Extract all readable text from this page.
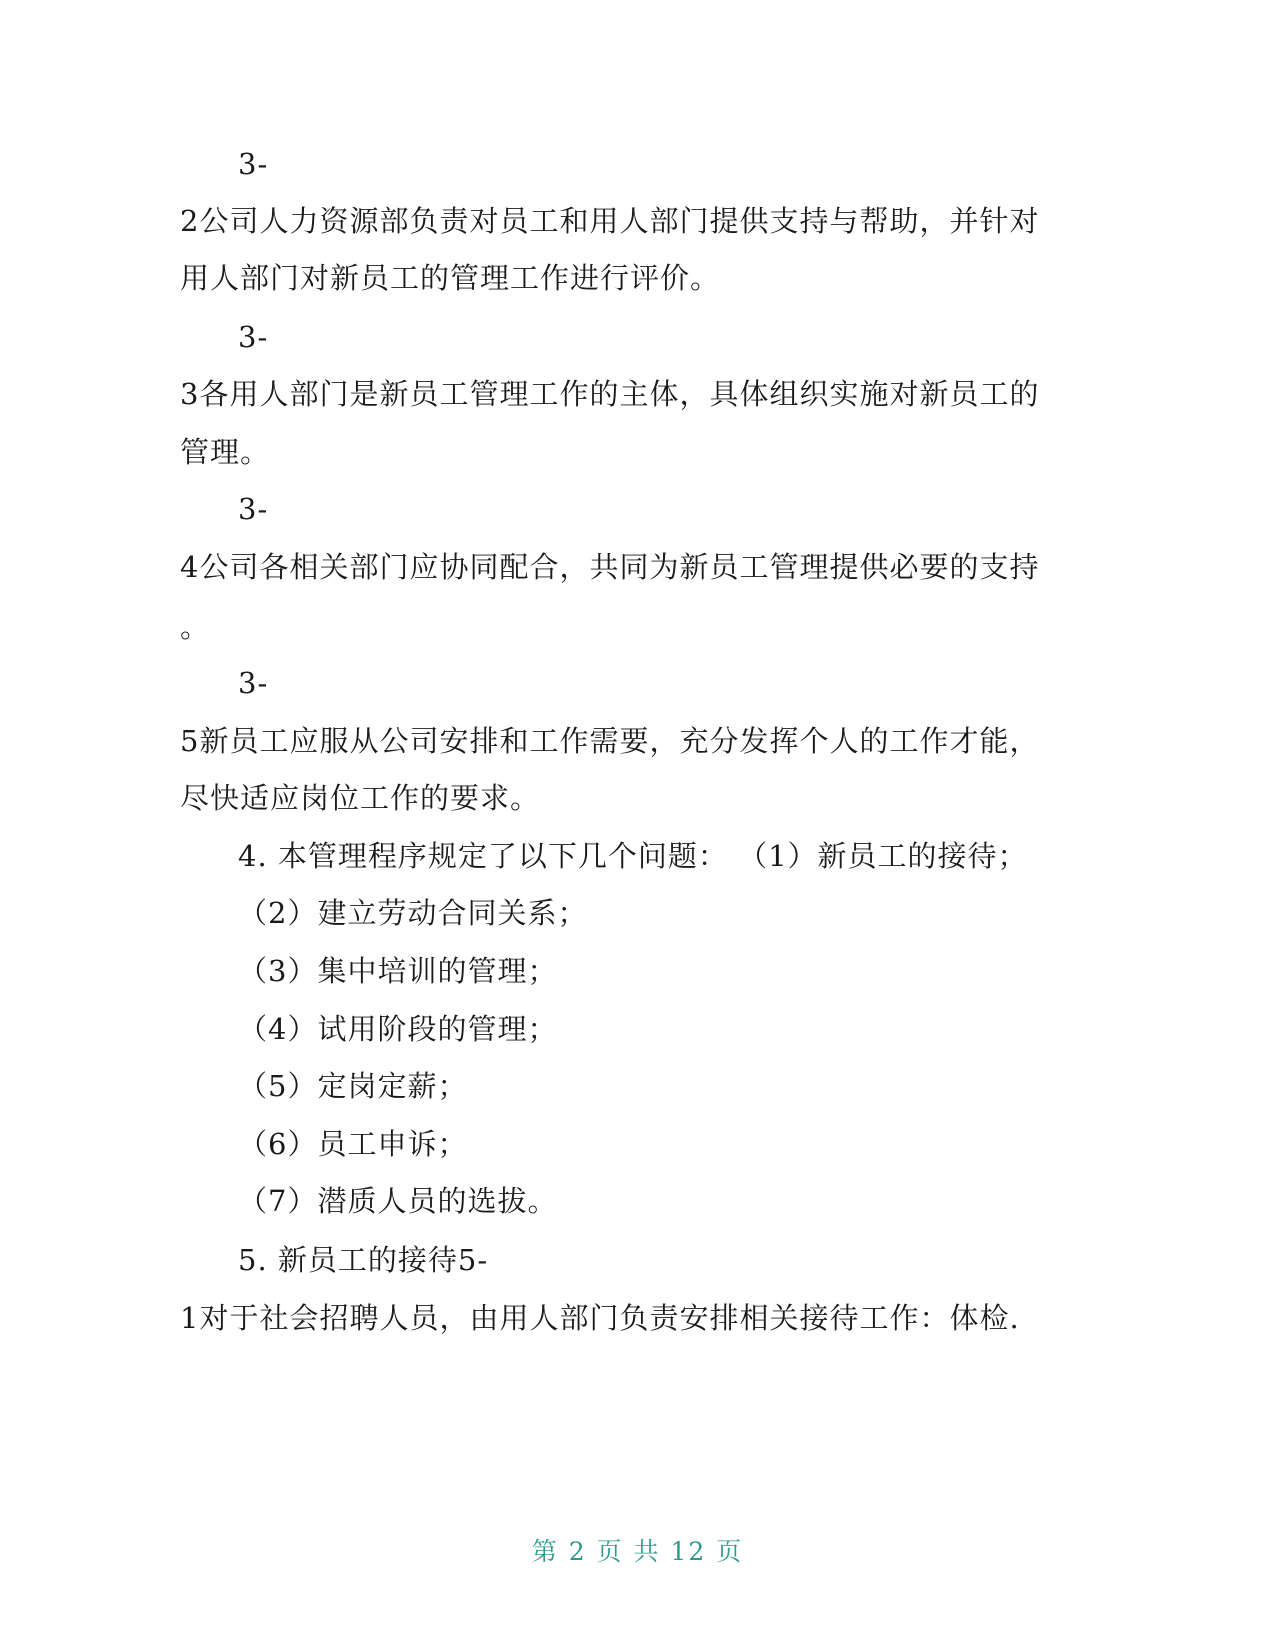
3-
2公司人力资源部负责对员工和用人部门提供支持与帮助，并针对
用人部门对新员工的管理工作进行评价。
3-
3各用人部门是新员工管理工作的主体，具体组织实施对新员工的
管理。
3-
4公司各相关部门应协同配合，共同为新员工管理提供必要的支持
。
3-
5新员工应服从公司安排和工作需要，充分发挥个人的工作才能，
尽快适应岗位工作的要求。
4. 本管理程序规定了以下几个问题： （1）新员工的接待；
（2）建立劳动合同关系；
（3）集中培训的管理；
（4）试用阶段的管理；
（5）定岗定薪；
（6）员工申诉；
（7）潜质人员的选拔。
5. 新员工的接待5-
1对于社会招聘人员，由用人部门负责安排相关接待工作：体检.
第 2 页 共 12 页
